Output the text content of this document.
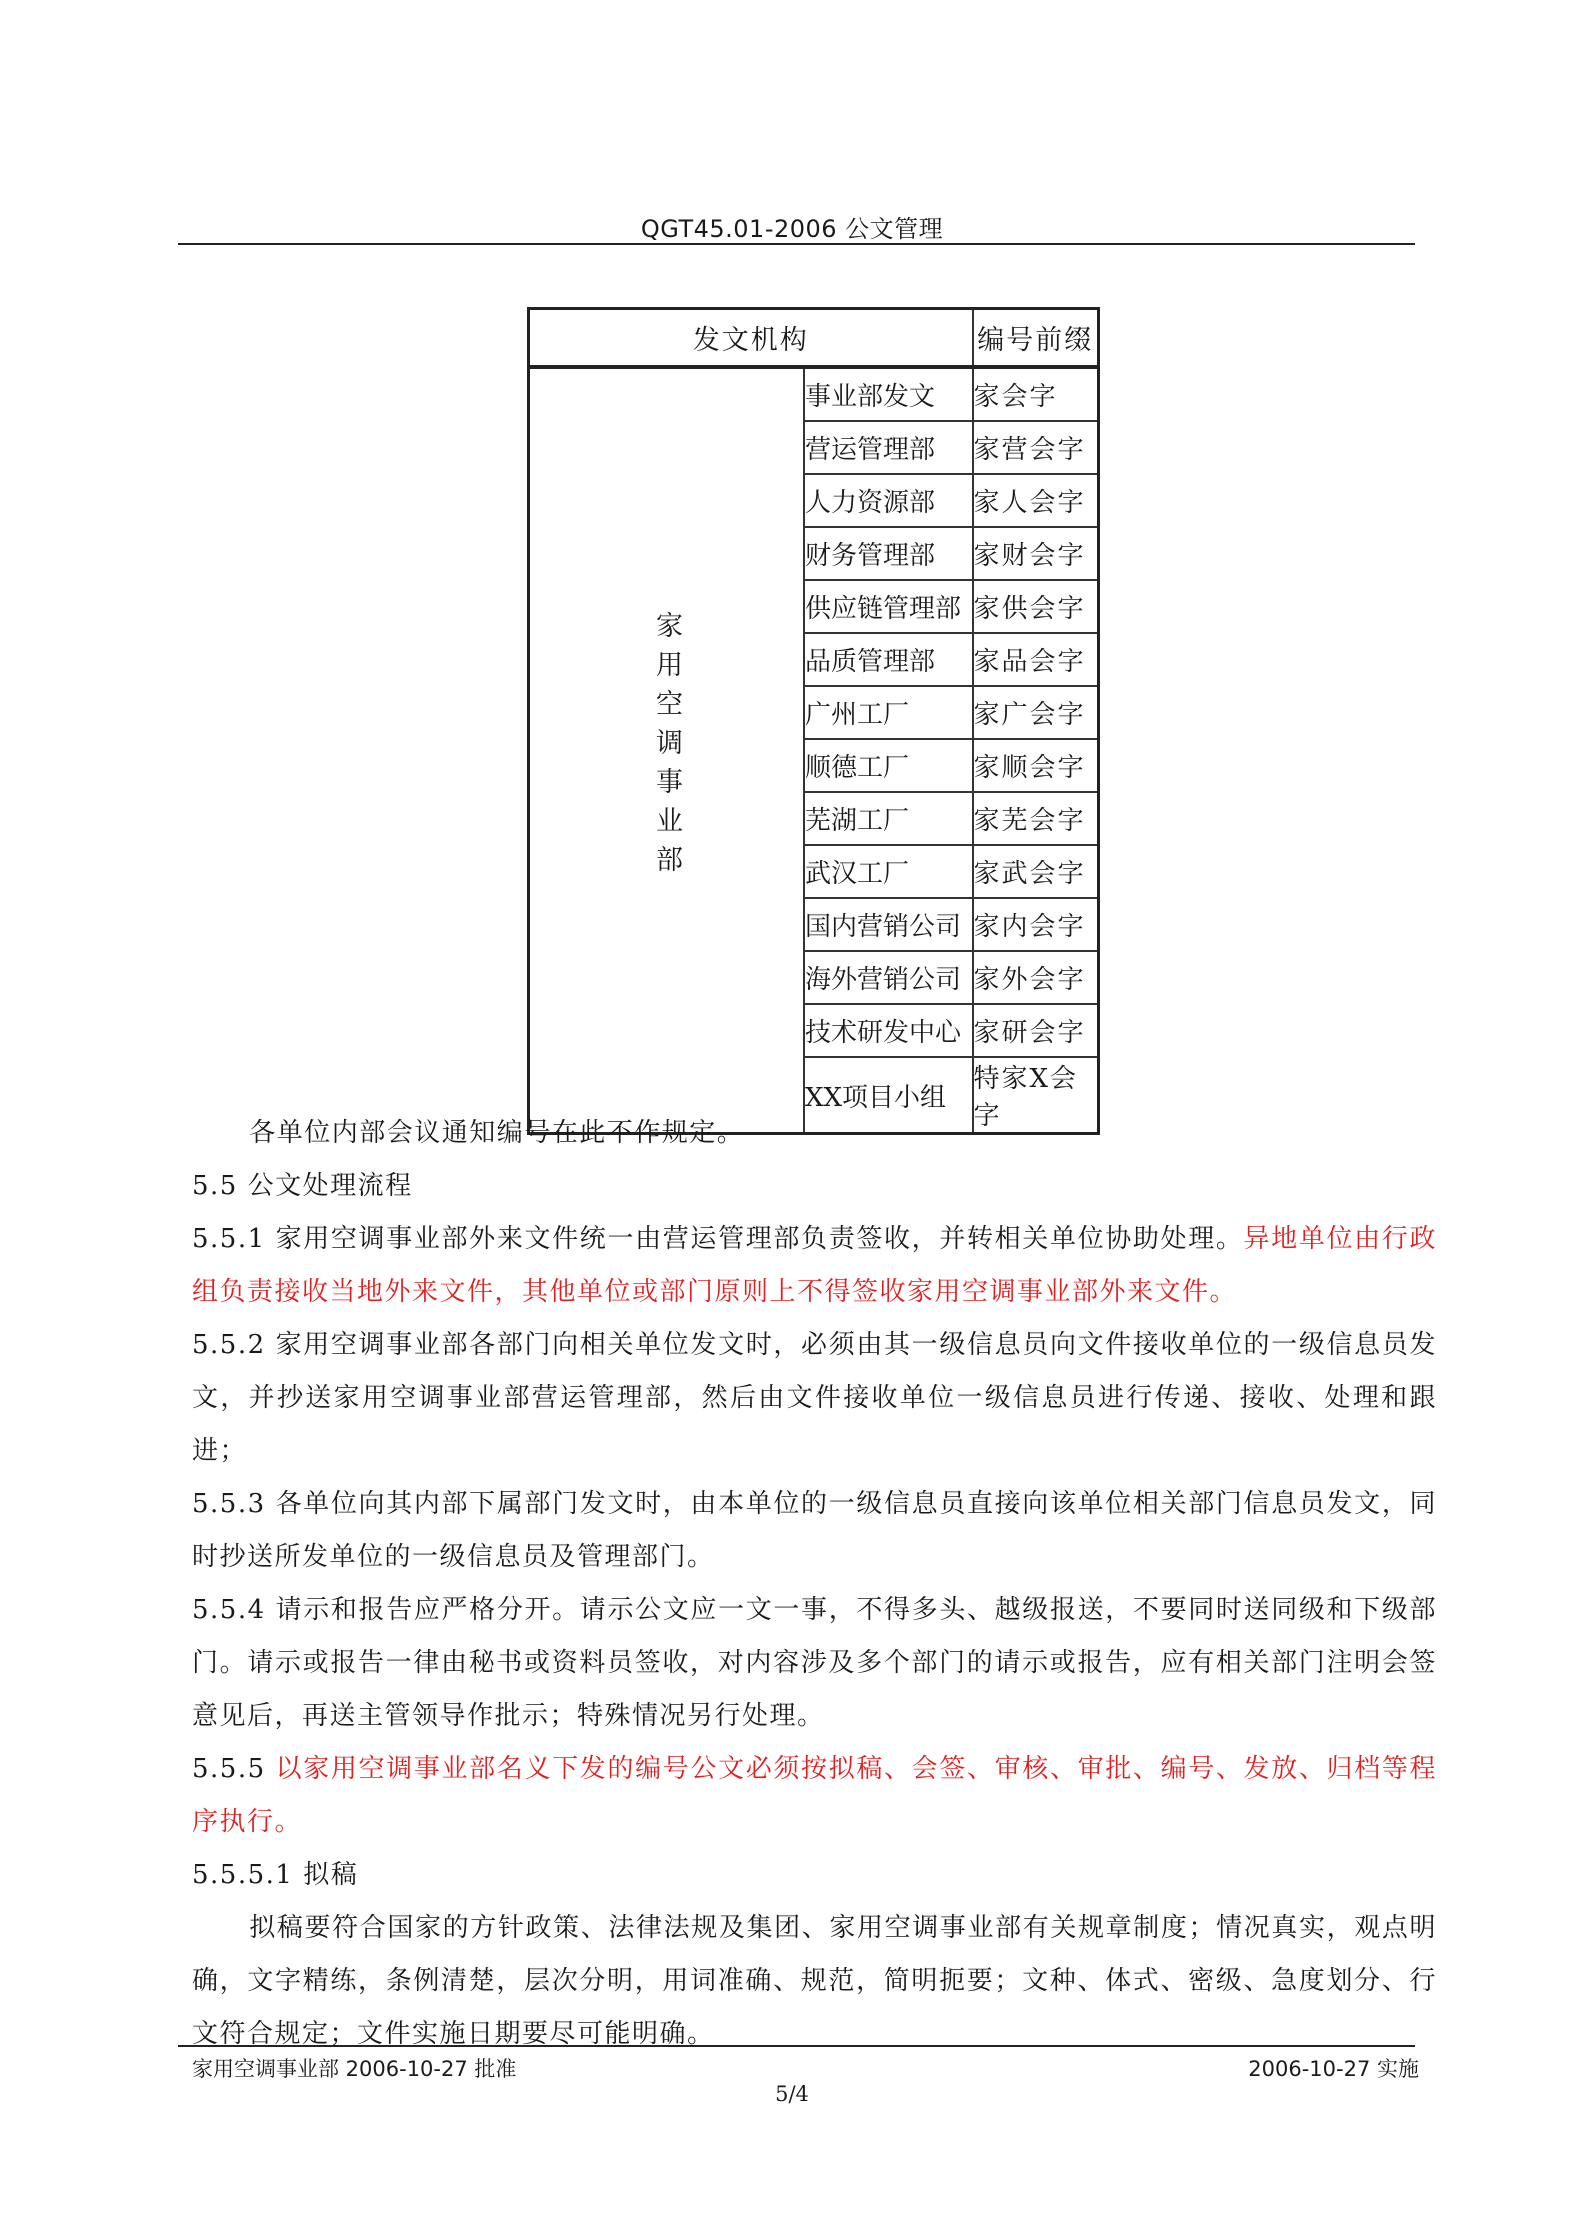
QGT45.01-2006 公文管理
发文机构		编号前缀
家用空调事业部	事业部发文	家会字
	营运管理部	家营会字
	人力资源部	家人会字
	财务管理部	家财会字
	供应链管理部	家供会字
	品质管理部	家品会字
	广州工厂	家广会字
	顺德工厂	家顺会字
	芜湖工厂	家芜会字
	武汉工厂	家武会字
	国内营销公司	家内会字
	海外营销公司	家外会字
	技术研发中心	家研会字
	XX项目小组	特家X会字

各单位内部会议通知编号在此不作规定。

5.5 公文处理流程

5.5.1 家用空调事业部外来文件统一由营运管理部负责签收，并转相关单位协助处理。异地单位由行政组负责接收当地外来文件，其他单位或部门原则上不得签收家用空调事业部外来文件。

5.5.2 家用空调事业部各部门向相关单位发文时，必须由其一级信息员向文件接收单位的一级信息员发文，并抄送家用空调事业部营运管理部，然后由文件接收单位一级信息员进行传递、接收、处理和跟进；

5.5.3 各单位向其内部下属部门发文时，由本单位的一级信息员直接向该单位相关部门信息员发文，同时抄送所发单位的一级信息员及管理部门。

5.5.4 请示和报告应严格分开。请示公文应一文一事，不得多头、越级报送，不要同时送同级和下级部门。请示或报告一律由秘书或资料员签收，对内容涉及多个部门的请示或报告，应有相关部门注明会签意见后，再送主管领导作批示；特殊情况另行处理。

5.5.5 以家用空调事业部名义下发的编号公文必须按拟稿、会签、审核、审批、编号、发放、归档等程序执行。

5.5.5.1 拟稿

拟稿要符合国家的方针政策、法律法规及集团、家用空调事业部有关规章制度；情况真实，观点明确，文字精练，条例清楚，层次分明，用词准确、规范，简明扼要；文种、体式、密级、急度划分、行文符合规定；文件实施日期要尽可能明确。

家用空调事业部 2006-10-27 批准	2006-10-27 实施
5/4
